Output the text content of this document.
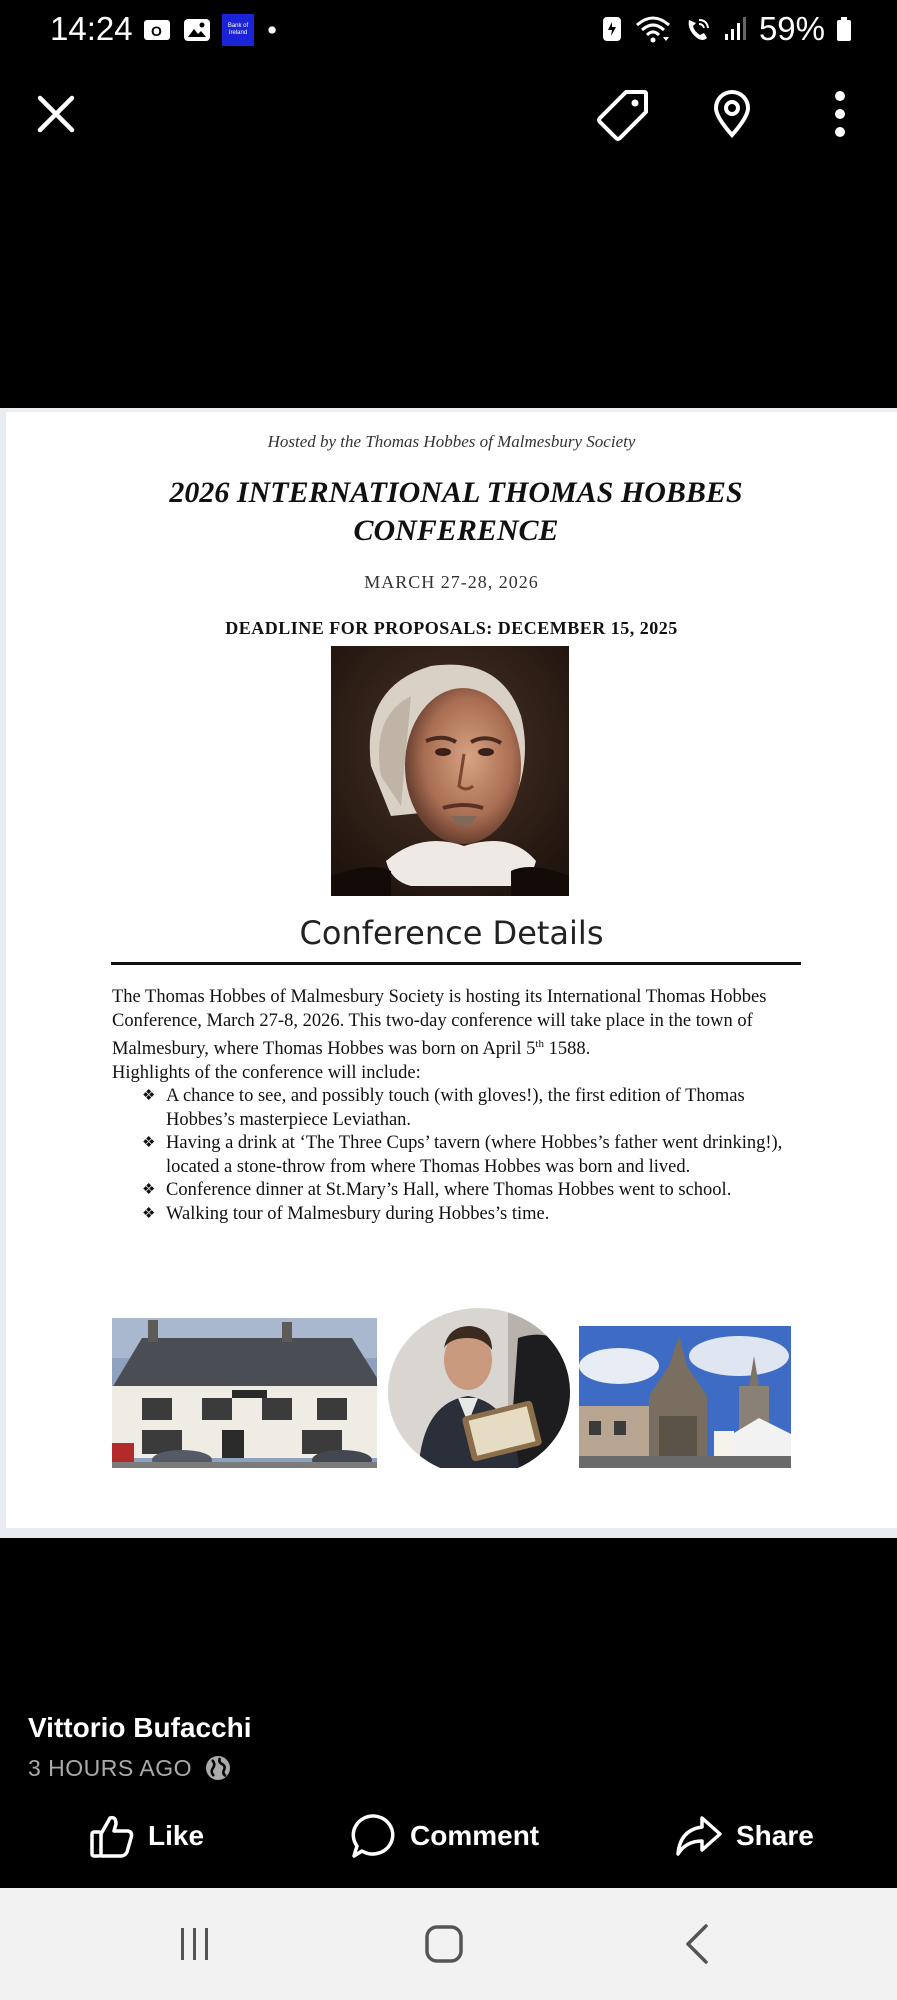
14:24 O	Bank of Ireland	59%
Hosted by the Thomas Hobbes of Malmesbury Society
2026 INTERNATIONAL THOMAS HOBBES
CONFERENCE
MARCH 27-28, 2026
DEADLINE FOR PROPOSALS: DECEMBER 15, 2025
Conference Details

The Thomas Hobbes of Malmesbury Society is hosting its International Thomas Hobbes Conference, March 27-8, 2026. This two-day conference will take place in the town of Malmesbury, where Thomas Hobbes was born on April 5th 1588.

Highlights of the conference will include:

❖ A chance to see, and possibly touch (with gloves!), the first edition of Thomas Hobbes’s masterpiece Leviathan.
❖ Having a drink at ‘The Three Cups’ tavern (where Hobbes’s father went drinking!), located a stone-throw from where Thomas Hobbes was born and lived.
❖ Conference dinner at St.Mary’s Hall, where Thomas Hobbes went to school.
❖ Walking tour of Malmesbury during Hobbes’s time.
Vittorio Bufacchi
3 HOURS AGO
Like	Comment	Share
